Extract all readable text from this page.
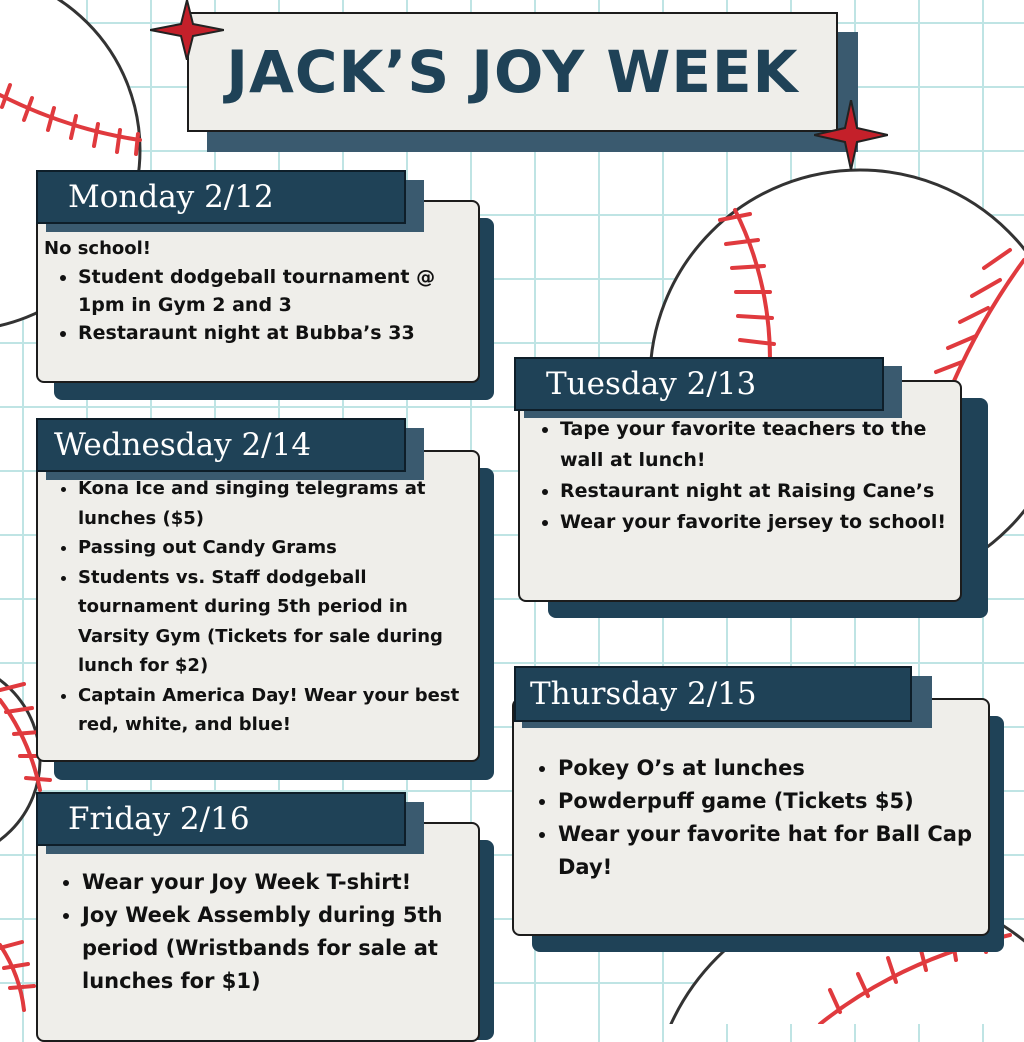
JACK’S JOY WEEK
Monday 2/12

No school!

• Student dodgeball tournament @ 1pm in Gym 2 and 3
• Restaraunt night at Bubba’s 33
• Tape your favorite teachers to the wall at lunch!
• Restaurant night at Raising Cane’s
• Wear your favorite jersey to school!
Tuesday 2/13
Wednesday 2/14
• Kona Ice and singing telegrams at lunches ($5)
• Passing out Candy Grams
• Students vs. Staff dodgeball tournament during 5th period in Varsity Gym (Tickets for sale during lunch for $2)
• Captain America Day! Wear your best red, white, and blue!
Thursday 2/15
• Pokey O’s at lunches
• Powderpuff game (Tickets $5)
• Wear your favorite hat for Ball Cap Day!
Friday 2/16
• Wear your Joy Week T-shirt!
• Joy Week Assembly during 5th period (Wristbands for sale at lunches for $1)
